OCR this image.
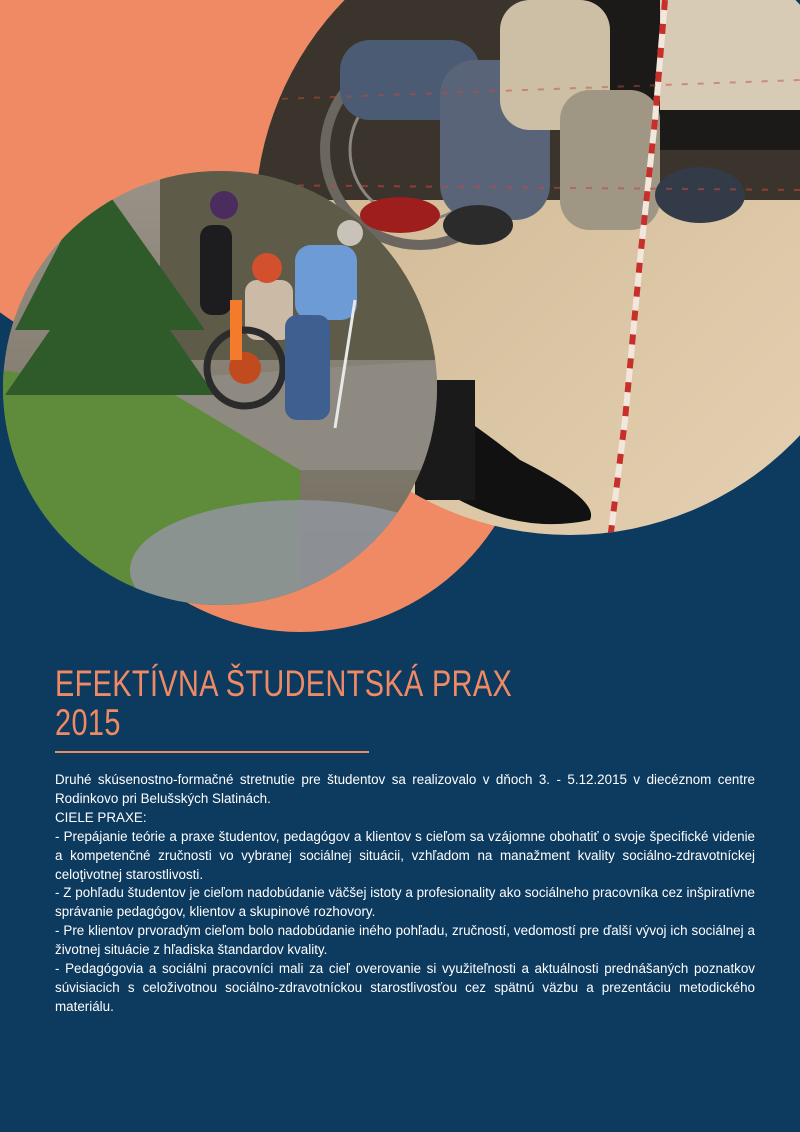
EFEKTÍVNA ŠTUDENTSKÁ PRAX
2015

Druhé skúsenostno-formačné stretnutie pre študentov sa realizovalo v dňoch 3. - 5.12.2015 v diecéznom centre Rodinkovo pri Belušských Slatinách.

CIELE PRAXE:

- Prepájanie teórie a praxe študentov, pedagógov a klientov s cieľom sa vzájomne obohatiť o svoje špecifické videnie a kompetenčné zručnosti vo vybranej sociálnej situácii, vzhľadom na manažment kvality sociálno-zdravotníckej celoţivotnej starostlivosti.

- Z pohľadu študentov je cieľom nadobúdanie väčšej istoty a profesionality ako sociálneho pracovníka cez inšpiratívne správanie pedagógov, klientov a skupinové rozhovory.

- Pre klientov prvoradým cieľom bolo nadobúdanie iného pohľadu, zručností, vedomostí pre ďalší vývoj ich sociálnej a životnej situácie z hľadiska štandardov kvality.

- Pedagógovia a sociálni pracovníci mali za cieľ overovanie si využiteľnosti a aktuálnosti prednášaných poznatkov súvisiacich s celoživotnou sociálno-zdravotníckou starostlivosťou cez spätnú väzbu a prezentáciu metodického materiálu.
